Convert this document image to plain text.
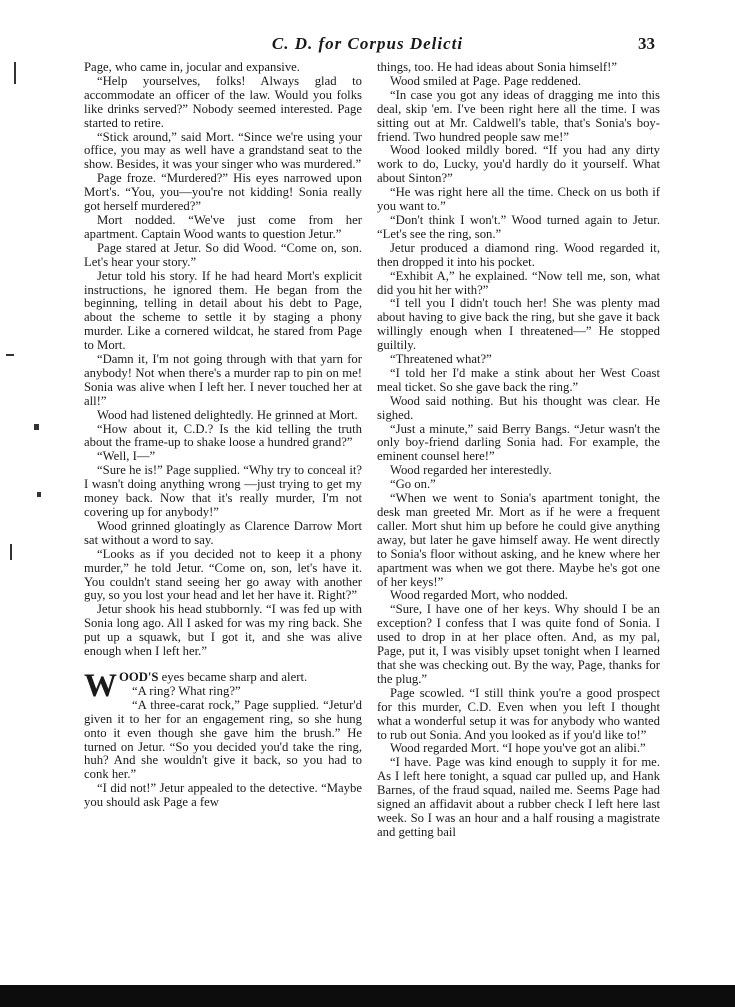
C. D. for Corpus Delicti	33

Page, who came in, jocular and expansive.

“Help yourselves, folks! Always glad to accommodate an officer of the law. Would you folks like drinks served?” Nobody seemed interested. Page started to retire.

“Stick around,” said Mort. “Since we're using your office, you may as well have a grandstand seat to the show. Besides, it was your singer who was murdered.”

Page froze. “Murdered?” His eyes narrowed upon Mort's. “You, you—you're not kidding! Sonia really got herself murdered?”

Mort nodded. “We've just come from her apartment. Captain Wood wants to question Jetur.”

Page stared at Jetur. So did Wood. “Come on, son. Let's hear your story.”

Jetur told his story. If he had heard Mort's explicit instructions, he ignored them. He began from the beginning, telling in detail about his debt to Page, about the scheme to settle it by staging a phony murder. Like a cornered wildcat, he stared from Page to Mort.

“Damn it, I'm not going through with that yarn for anybody! Not when there's a murder rap to pin on me! Sonia was alive when I left her. I never touched her at all!”

Wood had listened delightedly. He grinned at Mort.

“How about it, C.D.? Is the kid telling the truth about the frame-up to shake loose a hundred grand?”

“Well, I—”

“Sure he is!” Page supplied. “Why try to conceal it? I wasn't doing anything wrong —just trying to get my money back. Now that it's really murder, I'm not covering up for anybody!”

Wood grinned gloatingly as Clarence Darrow Mort sat without a word to say.

“Looks as if you decided not to keep it a phony murder,” he told Jetur. “Come on, son, let's have it. You couldn't stand seeing her go away with another guy, so you lost your head and let her have it. Right?”

Jetur shook his head stubbornly. “I was fed up with Sonia long ago. All I asked for was my ring back. She put up a squawk, but I got it, and she was alive enough when I left her.”

WOOD'S eyes became sharp and alert.

“A ring? What ring?”

“A three-carat rock,” Page supplied. “Jetur'd given it to her for an engagement ring, so she hung onto it even though she gave him the brush.” He turned on Jetur. “So you decided you'd take the ring, huh? And she wouldn't give it back, so you had to conk her.”

“I did not!” Jetur appealed to the detective. “Maybe you should ask Page a few

things, too. He had ideas about Sonia himself!”

Wood smiled at Page. Page reddened.

“In case you got any ideas of dragging me into this deal, skip 'em. I've been right here all the time. I was sitting out at Mr. Caldwell's table, that's Sonia's boy-friend. Two hundred people saw me!”

Wood looked mildly bored. “If you had any dirty work to do, Lucky, you'd hardly do it yourself. What about Sinton?”

“He was right here all the time. Check on us both if you want to.”

“Don't think I won't.” Wood turned again to Jetur. “Let's see the ring, son.”

Jetur produced a diamond ring. Wood regarded it, then dropped it into his pocket.

“Exhibit A,” he explained. “Now tell me, son, what did you hit her with?”

“I tell you I didn't touch her! She was plenty mad about having to give back the ring, but she gave it back willingly enough when I threatened—” He stopped guiltily.

“Threatened what?”

“I told her I'd make a stink about her West Coast meal ticket. So she gave back the ring.”

Wood said nothing. But his thought was clear. He sighed.

“Just a minute,” said Berry Bangs. “Jetur wasn't the only boy-friend darling Sonia had. For example, the eminent counsel here!”

Wood regarded her interestedly.

“Go on.”

“When we went to Sonia's apartment tonight, the desk man greeted Mr. Mort as if he were a frequent caller. Mort shut him up before he could give anything away, but later he gave himself away. He went directly to Sonia's floor without asking, and he knew where her apartment was when we got there. Maybe he's got one of her keys!”

Wood regarded Mort, who nodded.

“Sure, I have one of her keys. Why should I be an exception? I confess that I was quite fond of Sonia. I used to drop in at her place often. And, as my pal, Page, put it, I was visibly upset tonight when I learned that she was checking out. By the way, Page, thanks for the plug.”

Page scowled. “I still think you're a good prospect for this murder, C.D. Even when you left I thought what a wonderful setup it was for anybody who wanted to rub out Sonia. And you looked as if you'd like to!”

Wood regarded Mort. “I hope you've got an alibi.”

“I have. Page was kind enough to supply it for me. As I left here tonight, a squad car pulled up, and Hank Barnes, of the fraud squad, nailed me. Seems Page had signed an affidavit about a rubber check I left here last week. So I was an hour and a half rousing a magistrate and getting bail
